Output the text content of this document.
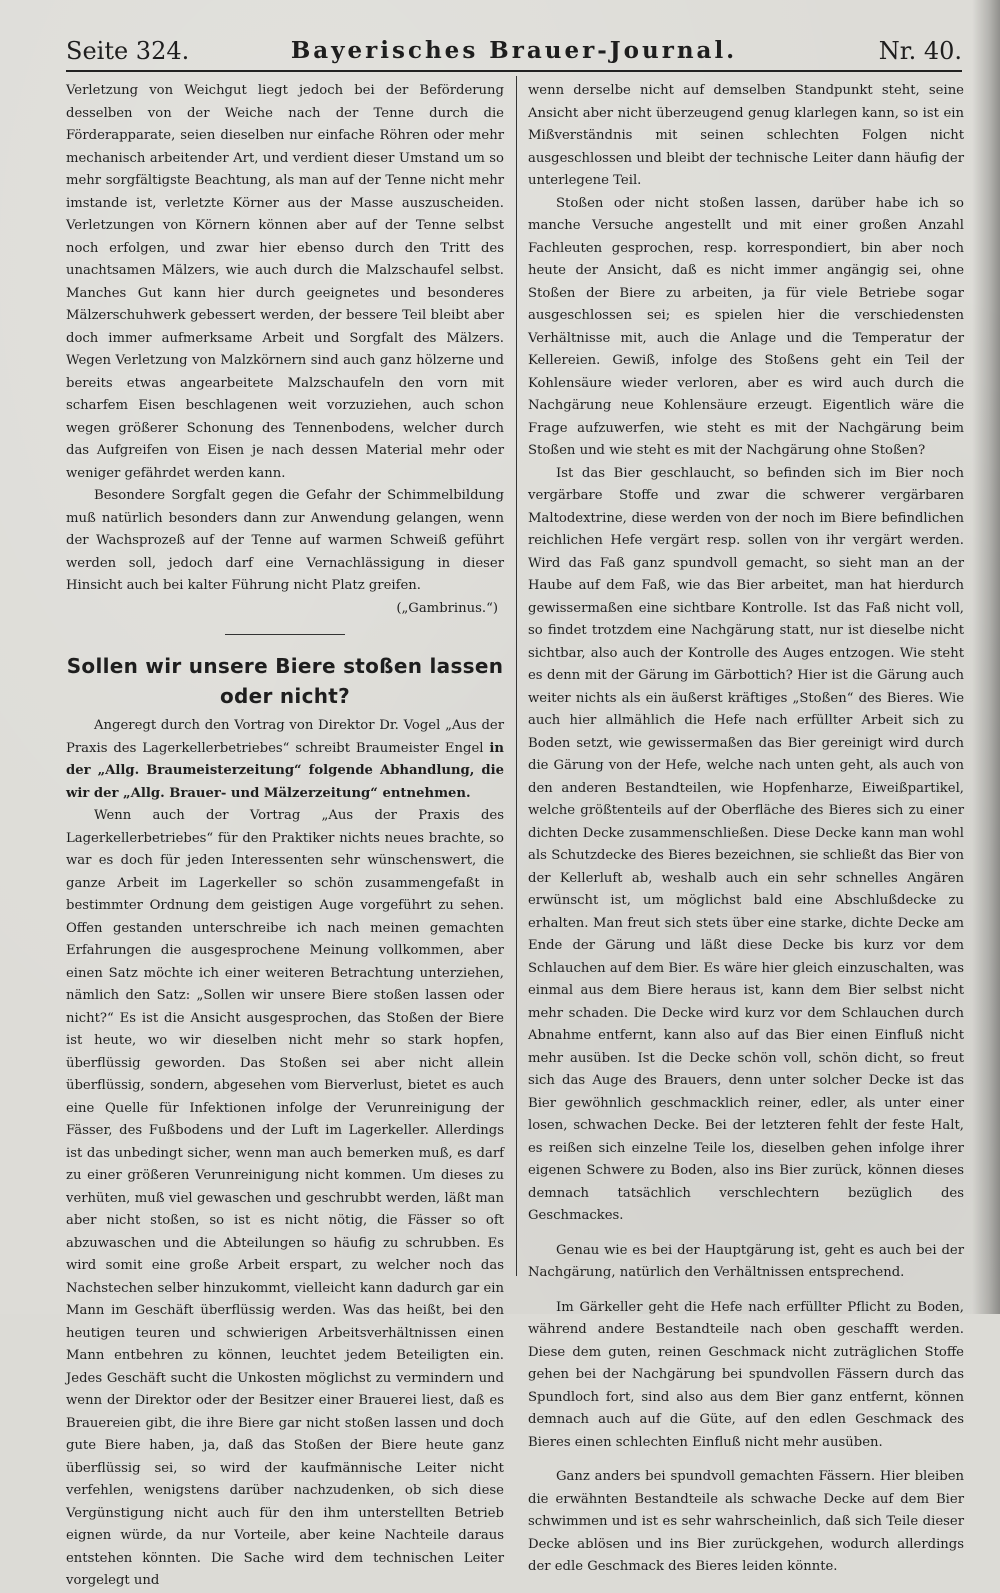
Seite 324.	Bayerisches Brauer-Journal.	Nr. 40.

Verletzung von Weichgut liegt jedoch bei der Beförderung desselben von der Weiche nach der Tenne durch die Förderapparate, seien dieselben nur einfache Röhren oder mehr mechanisch arbeitender Art, und verdient dieser Umstand um so mehr sorgfältigste Beachtung, als man auf der Tenne nicht mehr imstande ist, verletzte Körner aus der Masse auszuscheiden. Verletzungen von Körnern können aber auf der Tenne selbst noch erfolgen, und zwar hier ebenso durch den Tritt des unachtsamen Mälzers, wie auch durch die Malzschaufel selbst. Manches Gut kann hier durch geeignetes und besonderes Mälzerschuhwerk gebessert werden, der bessere Teil bleibt aber doch immer aufmerksame Arbeit und Sorgfalt des Mälzers. Wegen Verletzung von Malzkörnern sind auch ganz hölzerne und bereits etwas angearbeitete Malzschaufeln den vorn mit scharfem Eisen beschlagenen weit vorzuziehen, auch schon wegen größerer Schonung des Tennenbodens, welcher durch das Aufgreifen von Eisen je nach dessen Material mehr oder weniger gefährdet werden kann.

Besondere Sorgfalt gegen die Gefahr der Schimmelbildung muß natürlich besonders dann zur Anwendung gelangen, wenn der Wachsprozeß auf der Tenne auf warmen Schweiß geführt werden soll, jedoch darf eine Vernachlässigung in dieser Hinsicht auch bei kalter Führung nicht Platz greifen.

(„Gambrinus.“)

Sollen wir unsere Biere stoßen lassen oder nicht?

Angeregt durch den Vortrag von Direktor Dr. Vogel „Aus der Praxis des Lagerkellerbetriebes“ schreibt Braumeister Engel in der „Allg. Braumeisterzeitung“ folgende Abhandlung, die wir der „Allg. Brauer- und Mälzerzeitung“ entnehmen.

Wenn auch der Vortrag „Aus der Praxis des Lagerkellerbetriebes“ für den Praktiker nichts neues brachte, so war es doch für jeden Interessenten sehr wünschenswert, die ganze Arbeit im Lagerkeller so schön zusammengefaßt in bestimmter Ordnung dem geistigen Auge vorgeführt zu sehen. Offen gestanden unterschreibe ich nach meinen gemachten Erfahrungen die ausgesprochene Meinung vollkommen, aber einen Satz möchte ich einer weiteren Betrachtung unterziehen, nämlich den Satz: „Sollen wir unsere Biere stoßen lassen oder nicht?“ Es ist die Ansicht ausgesprochen, das Stoßen der Biere ist heute, wo wir dieselben nicht mehr so stark hopfen, überflüssig geworden. Das Stoßen sei aber nicht allein überflüssig, sondern, abgesehen vom Bierverlust, bietet es auch eine Quelle für Infektionen infolge der Verunreinigung der Fässer, des Fußbodens und der Luft im Lagerkeller. Allerdings ist das unbedingt sicher, wenn man auch bemerken muß, es darf zu einer größeren Verunreinigung nicht kommen. Um dieses zu verhüten, muß viel gewaschen und geschrubbt werden, läßt man aber nicht stoßen, so ist es nicht nötig, die Fässer so oft abzuwaschen und die Abteilungen so häufig zu schrubben. Es wird somit eine große Arbeit erspart, zu welcher noch das Nachstechen selber hinzukommt, vielleicht kann dadurch gar ein Mann im Geschäft überflüssig werden. Was das heißt, bei den heutigen teuren und schwierigen Arbeitsverhältnissen einen Mann entbehren zu können, leuchtet jedem Beteiligten ein. Jedes Geschäft sucht die Unkosten möglichst zu vermindern und wenn der Direktor oder der Besitzer einer Brauerei liest, daß es Brauereien gibt, die ihre Biere gar nicht stoßen lassen und doch gute Biere haben, ja, daß das Stoßen der Biere heute ganz überflüssig sei, so wird der kaufmännische Leiter nicht verfehlen, wenigstens darüber nachzudenken, ob sich diese Vergünstigung nicht auch für den ihm unterstellten Betrieb eignen würde, da nur Vorteile, aber keine Nachteile daraus entstehen könnten. Die Sache wird dem technischen Leiter vorgelegt und

wenn derselbe nicht auf demselben Standpunkt steht, seine Ansicht aber nicht überzeugend genug klarlegen kann, so ist ein Mißverständnis mit seinen schlechten Folgen nicht ausgeschlossen und bleibt der technische Leiter dann häufig der unterlegene Teil.

Stoßen oder nicht stoßen lassen, darüber habe ich so manche Versuche angestellt und mit einer großen Anzahl Fachleuten gesprochen, resp. korrespondiert, bin aber noch heute der Ansicht, daß es nicht immer angängig sei, ohne Stoßen der Biere zu arbeiten, ja für viele Betriebe sogar ausgeschlossen sei; es spielen hier die verschiedensten Verhältnisse mit, auch die Anlage und die Temperatur der Kellereien. Gewiß, infolge des Stoßens geht ein Teil der Kohlensäure wieder verloren, aber es wird auch durch die Nachgärung neue Kohlensäure erzeugt. Eigentlich wäre die Frage aufzuwerfen, wie steht es mit der Nachgärung beim Stoßen und wie steht es mit der Nachgärung ohne Stoßen?

Ist das Bier geschlaucht, so befinden sich im Bier noch vergärbare Stoffe und zwar die schwerer vergärbaren Maltodextrine, diese werden von der noch im Biere befindlichen reichlichen Hefe vergärt resp. sollen von ihr vergärt werden. Wird das Faß ganz spundvoll gemacht, so sieht man an der Haube auf dem Faß, wie das Bier arbeitet, man hat hierdurch gewissermaßen eine sichtbare Kontrolle. Ist das Faß nicht voll, so findet trotzdem eine Nachgärung statt, nur ist dieselbe nicht sichtbar, also auch der Kontrolle des Auges entzogen. Wie steht es denn mit der Gärung im Gärbottich? Hier ist die Gärung auch weiter nichts als ein äußerst kräftiges „Stoßen“ des Bieres. Wie auch hier allmählich die Hefe nach erfüllter Arbeit sich zu Boden setzt, wie gewissermaßen das Bier gereinigt wird durch die Gärung von der Hefe, welche nach unten geht, als auch von den anderen Bestandteilen, wie Hopfenharze, Eiweißpartikel, welche größtenteils auf der Oberfläche des Bieres sich zu einer dichten Decke zusammenschließen. Diese Decke kann man wohl als Schutzdecke des Bieres bezeichnen, sie schließt das Bier von der Kellerluft ab, weshalb auch ein sehr schnelles Angären erwünscht ist, um möglichst bald eine Abschlußdecke zu erhalten. Man freut sich stets über eine starke, dichte Decke am Ende der Gärung und läßt diese Decke bis kurz vor dem Schlauchen auf dem Bier. Es wäre hier gleich einzuschalten, was einmal aus dem Biere heraus ist, kann dem Bier selbst nicht mehr schaden. Die Decke wird kurz vor dem Schlauchen durch Abnahme entfernt, kann also auf das Bier einen Einfluß nicht mehr ausüben. Ist die Decke schön voll, schön dicht, so freut sich das Auge des Brauers, denn unter solcher Decke ist das Bier gewöhnlich geschmacklich reiner, edler, als unter einer losen, schwachen Decke. Bei der letzteren fehlt der feste Halt, es reißen sich einzelne Teile los, dieselben gehen infolge ihrer eigenen Schwere zu Boden, also ins Bier zurück, können dieses demnach tatsächlich verschlechtern bezüglich des Geschmackes.

Genau wie es bei der Hauptgärung ist, geht es auch bei der Nachgärung, natürlich den Verhältnissen entsprechend.

Im Gärkeller geht die Hefe nach erfüllter Pflicht zu Boden, während andere Bestandteile nach oben geschafft werden. Diese dem guten, reinen Geschmack nicht zuträglichen Stoffe gehen bei der Nachgärung bei spundvollen Fässern durch das Spundloch fort, sind also aus dem Bier ganz entfernt, können demnach auch auf die Güte, auf den edlen Geschmack des Bieres einen schlechten Einfluß nicht mehr ausüben.

Ganz anders bei spundvoll gemachten Fässern. Hier bleiben die erwähnten Bestandteile als schwache Decke auf dem Bier schwimmen und ist es sehr wahrscheinlich, daß sich Teile dieser Decke ablösen und ins Bier zurückgehen, wodurch allerdings der edle Geschmack des Bieres leiden könnte.
